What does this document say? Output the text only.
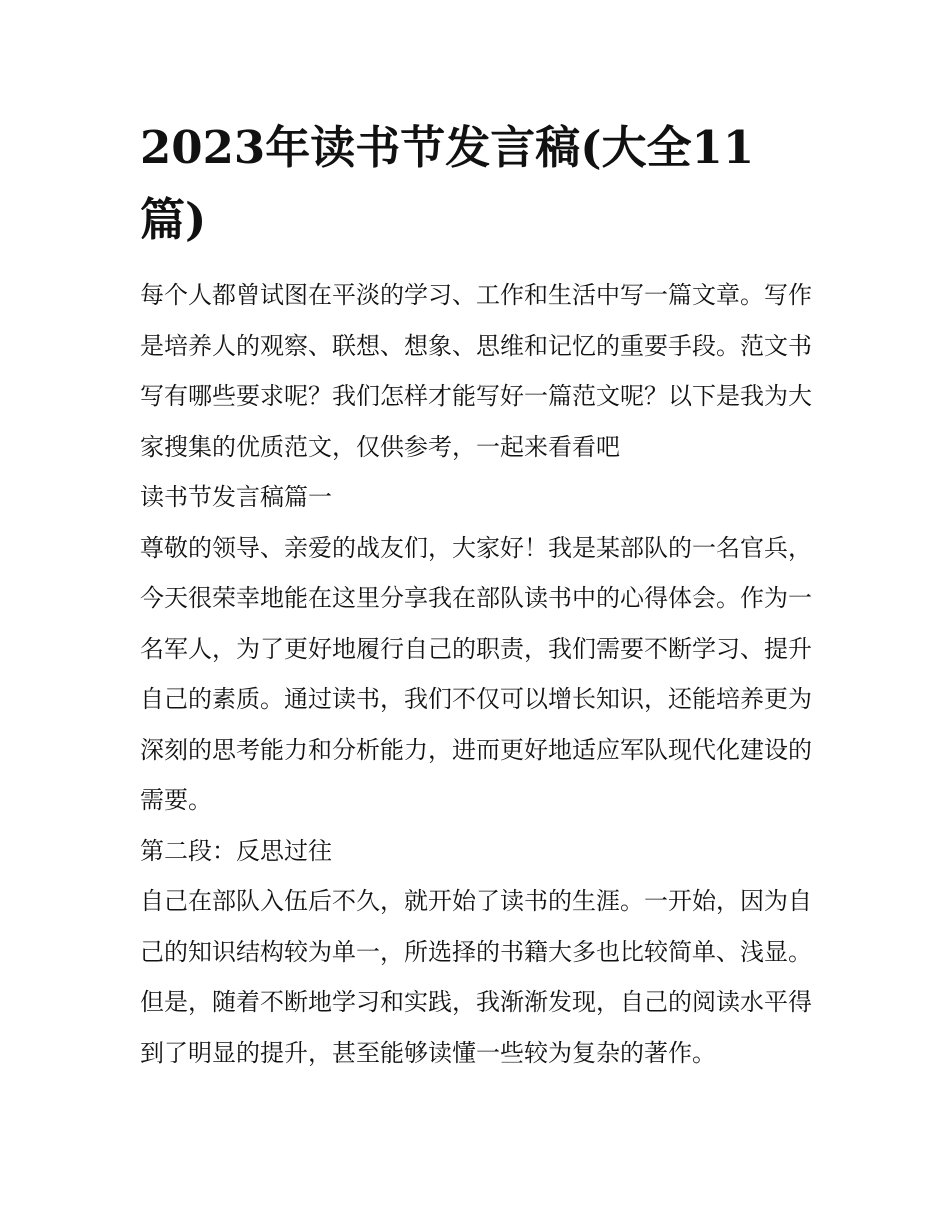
2023年读书节发言稿(大全11篇)

每个人都曾试图在平淡的学习、工作和生活中写一篇文章。写作是培养人的观察、联想、想象、思维和记忆的重要手段。范文书写有哪些要求呢？我们怎样才能写好一篇范文呢？以下是我为大家搜集的优质范文，仅供参考，一起来看看吧

读书节发言稿篇一

尊敬的领导、亲爱的战友们，大家好！我是某部队的一名官兵，今天很荣幸地能在这里分享我在部队读书中的心得体会。作为一名军人，为了更好地履行自己的职责，我们需要不断学习、提升自己的素质。通过读书，我们不仅可以增长知识，还能培养更为深刻的思考能力和分析能力，进而更好地适应军队现代化建设的需要。

第二段：反思过往

自己在部队入伍后不久，就开始了读书的生涯。一开始，因为自己的知识结构较为单一，所选择的书籍大多也比较简单、浅显。但是，随着不断地学习和实践，我渐渐发现，自己的阅读水平得到了明显的提升，甚至能够读懂一些较为复杂的著作。
